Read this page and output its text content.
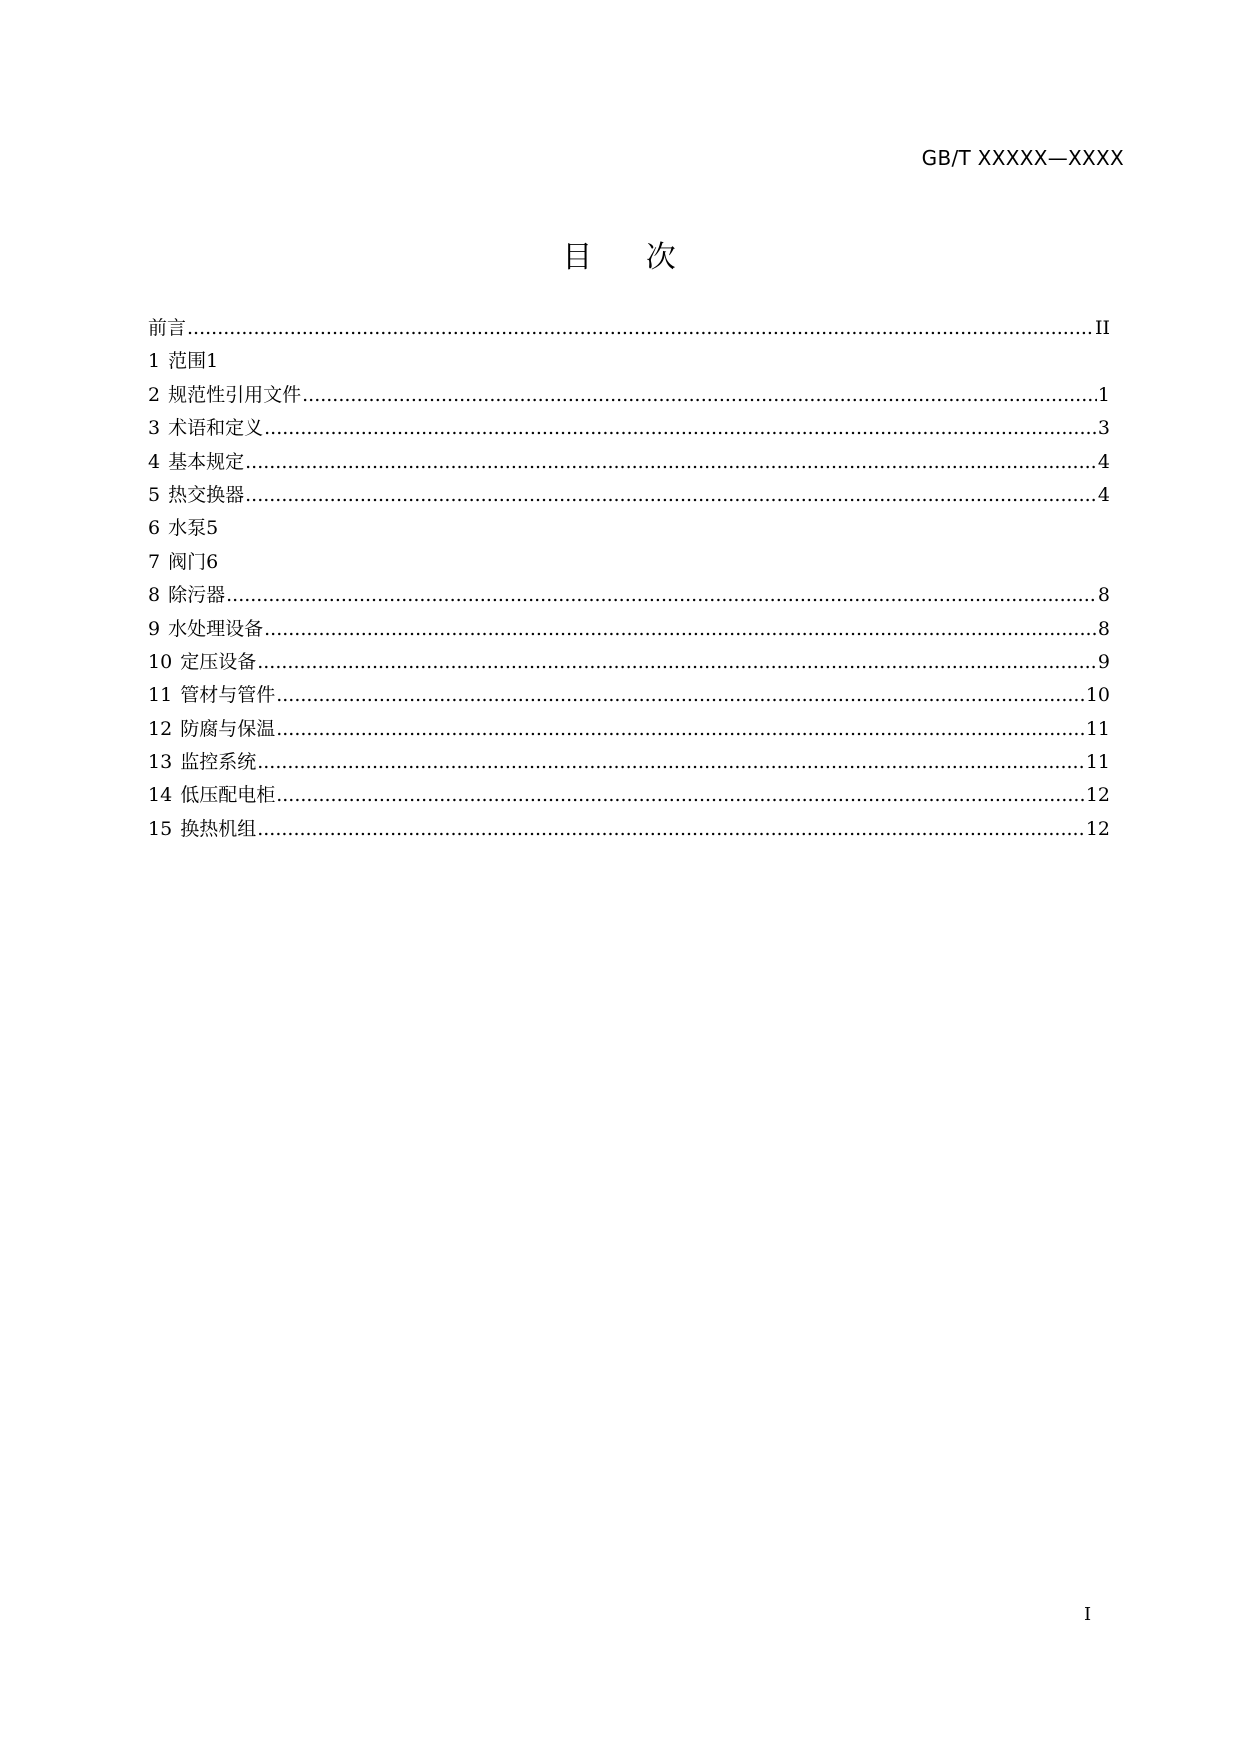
GB/T XXXXX—XXXX
目 次
前言 .....	II
1 范围 1
2 规范性引用文件 .....	1
3 术语和定义 .....	3
4 基本规定 .....	4
5 热交换器 .....	4
6 水泵 5
7 阀门 6
8 除污器 .....	8
9 水处理设备 .....	8
10 定压设备 .....	9
11 管材与管件 .....	10
12 防腐与保温 .....	11
13 监控系统 .....	11
14 低压配电柜 .....	12
15 换热机组 .....	12
I
